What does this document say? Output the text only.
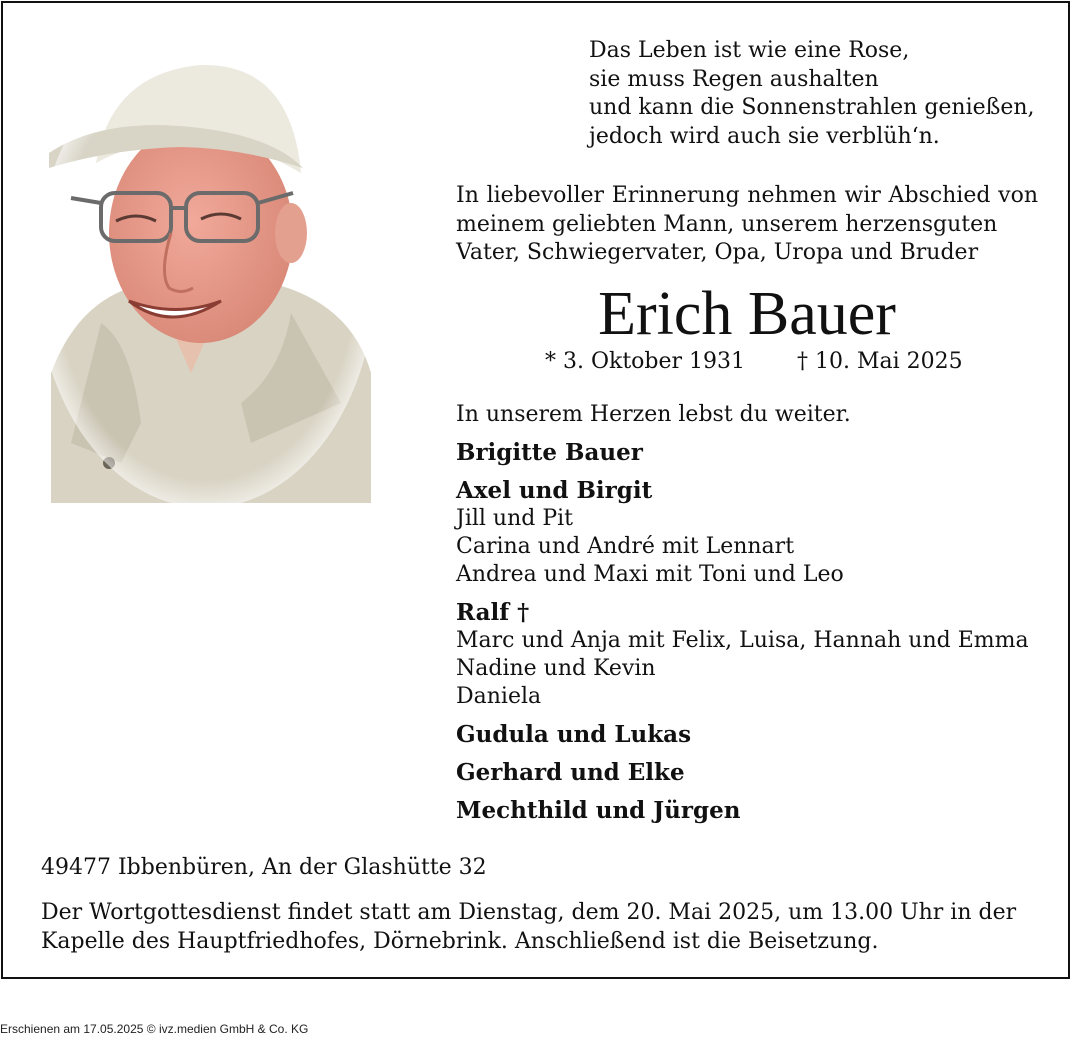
Das Leben ist wie eine Rose,
sie muss Regen aushalten
und kann die Sonnenstrahlen genießen,
jedoch wird auch sie verblüh‘n.
In liebevoller Erinnerung nehmen wir Abschied von meinem geliebten Mann, unserem herzensguten
Vater, Schwiegervater, Opa, Uropa und Bruder
Erich Bauer
* 3. Oktober 1931 † 10. Mai 2025
In unserem Herzen lebst du weiter.
Brigitte Bauer
Axel und Birgit
Jill und Pit
Carina und André mit Lennart
Andrea und Maxi mit Toni und Leo
Ralf †
Marc und Anja mit Felix, Luisa, Hannah und Emma
Nadine und Kevin
Daniela
Gudula und Lukas
Gerhard und Elke
Mechthild und Jürgen
49477 Ibbenbüren, An der Glashütte 32
Der Wortgottesdienst findet statt am Dienstag, dem 20. Mai 2025, um 13.00 Uhr in der Kapelle des Hauptfriedhofes, Dörnebrink. Anschließend ist die Beisetzung.
Erschienen am 17.05.2025 © ivz.medien GmbH & Co. KG
